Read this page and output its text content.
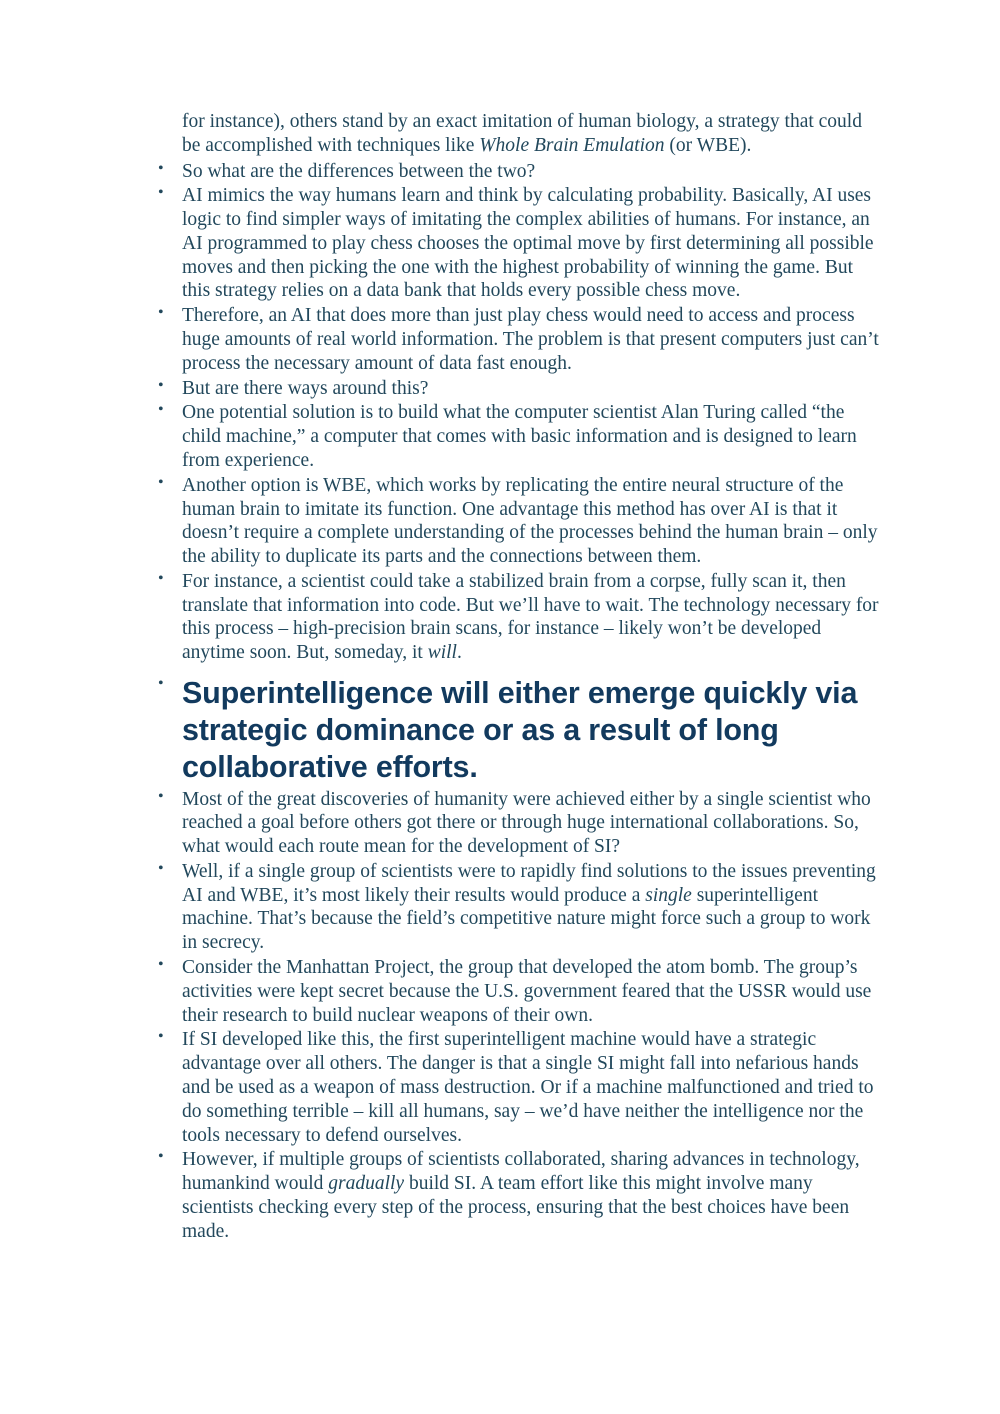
for instance), others stand by an exact imitation of human biology, a strategy that could be accomplished with techniques like Whole Brain Emulation (or WBE).

• So what are the differences between the two?
• AI mimics the way humans learn and think by calculating probability. Basically, AI uses logic to find simpler ways of imitating the complex abilities of humans. For instance, an AI programmed to play chess chooses the optimal move by first determining all possible moves and then picking the one with the highest probability of winning the game. But this strategy relies on a data bank that holds every possible chess move.
• Therefore, an AI that does more than just play chess would need to access and process huge amounts of real world information. The problem is that present computers just can’t process the necessary amount of data fast enough.
• But are there ways around this?
• One potential solution is to build what the computer scientist Alan Turing called “the child machine,” a computer that comes with basic information and is designed to learn from experience.
• Another option is WBE, which works by replicating the entire neural structure of the human brain to imitate its function. One advantage this method has over AI is that it doesn’t require a complete understanding of the processes behind the human brain – only the ability to duplicate its parts and the connections between them.
• For instance, a scientist could take a stabilized brain from a corpse, fully scan it, then translate that information into code. But we’ll have to wait. The technology necessary for this process – high-precision brain scans, for instance – likely won’t be developed anytime soon. But, someday, it will.
• Superintelligence will either emerge quickly via strategic dominance or as a result of long collaborative efforts.
• Most of the great discoveries of humanity were achieved either by a single scientist who reached a goal before others got there or through huge international collaborations. So, what would each route mean for the development of SI?
• Well, if a single group of scientists were to rapidly find solutions to the issues preventing AI and WBE, it’s most likely their results would produce a single superintelligent machine. That’s because the field’s competitive nature might force such a group to work in secrecy.
• Consider the Manhattan Project, the group that developed the atom bomb. The group’s activities were kept secret because the U.S. government feared that the USSR would use their research to build nuclear weapons of their own.
• If SI developed like this, the first superintelligent machine would have a strategic advantage over all others. The danger is that a single SI might fall into nefarious hands and be used as a weapon of mass destruction. Or if a machine malfunctioned and tried to do something terrible – kill all humans, say – we’d have neither the intelligence nor the tools necessary to defend ourselves.
• However, if multiple groups of scientists collaborated, sharing advances in technology, humankind would gradually build SI. A team effort like this might involve many scientists checking every step of the process, ensuring that the best choices have been made.
